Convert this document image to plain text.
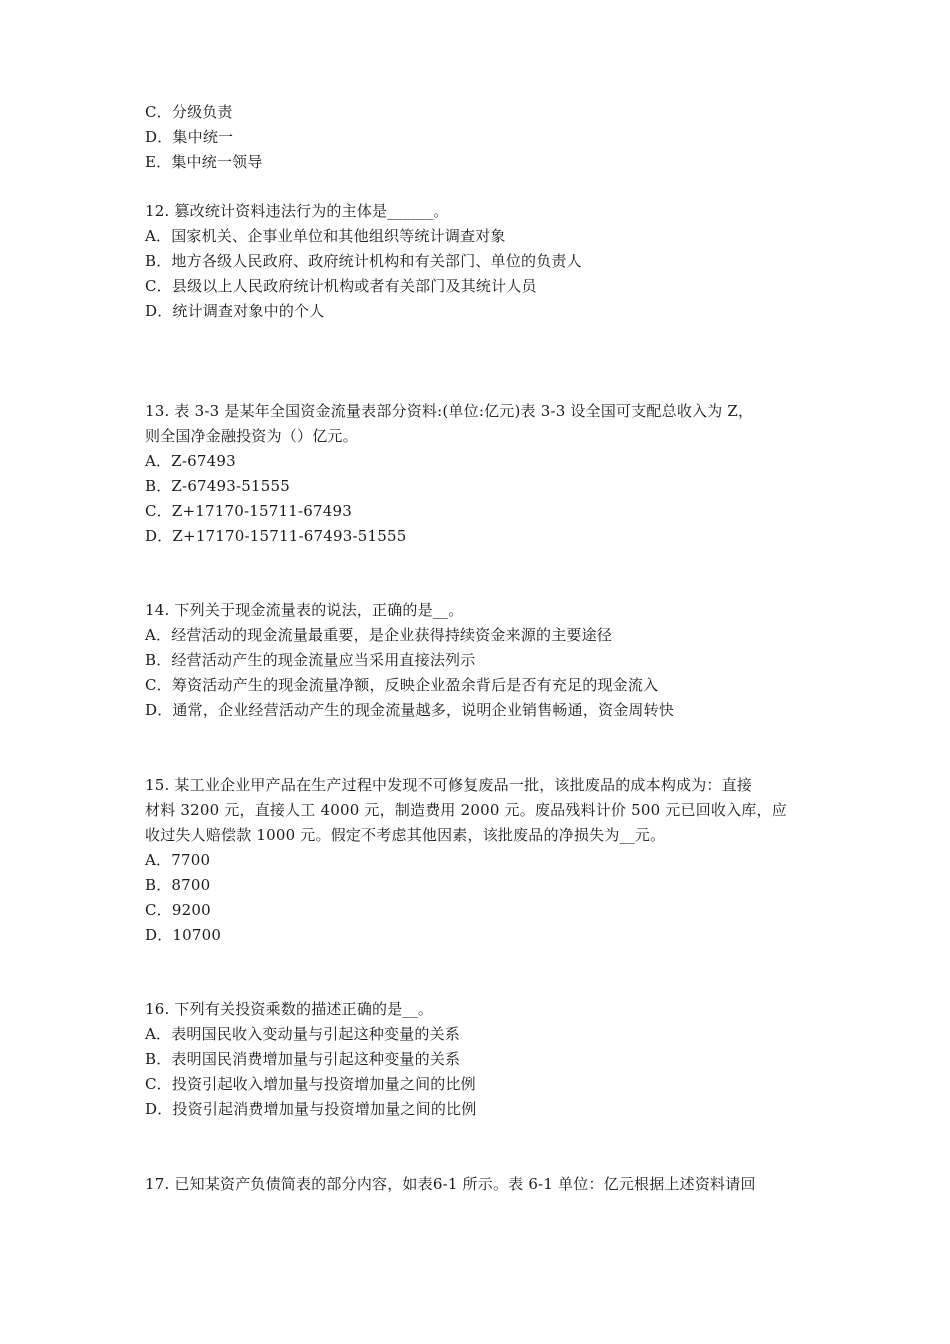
C．分级负责
D．集中统一
E．集中统一领导
12. 篡改统计资料违法行为的主体是______。
A．国家机关、企事业单位和其他组织等统计调查对象
B．地方各级人民政府、政府统计机构和有关部门、单位的负责人
C．县级以上人民政府统计机构或者有关部门及其统计人员
D．统计调查对象中的个人
13. 表 3-3 是某年全国资金流量表部分资料:(单位:亿元)表 3-3 设全国可支配总收入为 Z，
则全国净金融投资为（）亿元。
A．Z-67493
B．Z-67493-51555
C．Z+17170-15711-67493
D．Z+17170-15711-67493-51555
14. 下列关于现金流量表的说法，正确的是__。
A．经营活动的现金流量最重要，是企业获得持续资金来源的主要途径
B．经营活动产生的现金流量应当采用直接法列示
C．筹资活动产生的现金流量净额，反映企业盈余背后是否有充足的现金流入
D．通常，企业经营活动产生的现金流量越多，说明企业销售畅通，资金周转快
15. 某工业企业甲产品在生产过程中发现不可修复废品一批，该批废品的成本构成为：直接
材料 3200 元，直接人工 4000 元，制造费用 2000 元。废品残料计价 500 元已回收入库，应
收过失人赔偿款 1000 元。假定不考虑其他因素，该批废品的净损失为__元。
A．7700
B．8700
C．9200
D．10700
16. 下列有关投资乘数的描述正确的是__。
A．表明国民收入变动量与引起这种变量的关系
B．表明国民消费增加量与引起这种变量的关系
C．投资引起收入增加量与投资增加量之间的比例
D．投资引起消费增加量与投资增加量之间的比例
17. 已知某资产负债简表的部分内容，如表6-1 所示。表 6-1 单位：亿元根据上述资料请回
